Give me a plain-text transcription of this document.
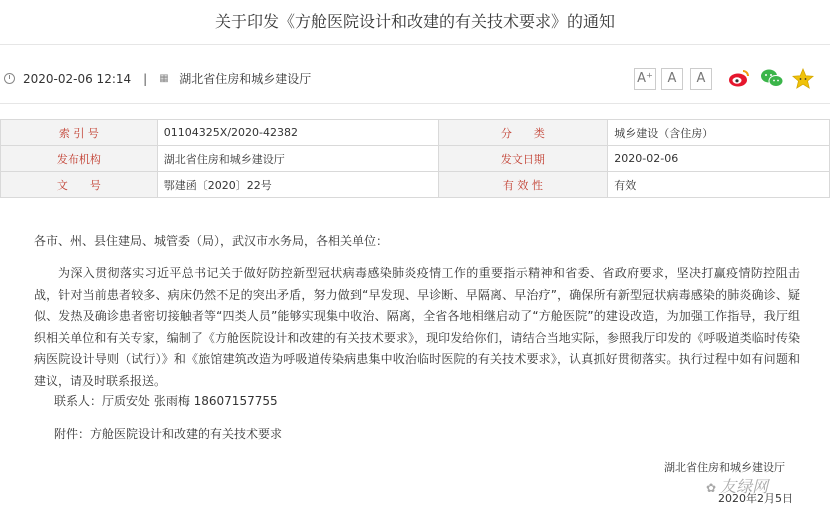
关于印发《方舱医院设计和改建的有关技术要求》的通知
2020-02-06 12:14 | ▦ 湖北省住房和城乡建设厅	A⁺	A	A
索 引 号	01104325X/2020-42382	分　　类	城乡建设（含住房）
发布机构	湖北省住房和城乡建设厅	发文日期	2020-02-06
文　　号	鄂建函〔2020〕22号	有 效 性	有效
各市、州、县住建局、城管委（局），武汉市水务局，各相关单位：
为深入贯彻落实习近平总书记关于做好防控新型冠状病毒感染肺炎疫情工作的重要指示精神和省委、省政府要求，坚决打赢疫情防控阻击战，针对当前患者较多、病床仍然不足的突出矛盾，努力做到“早发现、早诊断、早隔离、早治疗”，确保所有新型冠状病毒感染的肺炎确诊、疑似、发热及确诊患者密切接触者等“四类人员”能够实现集中收治、隔离，全省各地相继启动了“方舱医院”的建设改造，为加强工作指导，我厅组织相关单位和有关专家，编制了《方舱医院设计和改建的有关技术要求》，现印发给你们，请结合当地实际，参照我厅印发的《呼吸道类临时传染病医院设计导则（试行）》和《旅馆建筑改造为呼吸道传染病患集中收治临时医院的有关技术要求》，认真抓好贯彻落实。执行过程中如有问题和建议，请及时联系报送。
联系人：厅质安处 张雨梅 18607157755
附件：方舱医院设计和改建的有关技术要求
湖北省住房和城乡建设厅
✿ 友绿网
2020年2月5日
